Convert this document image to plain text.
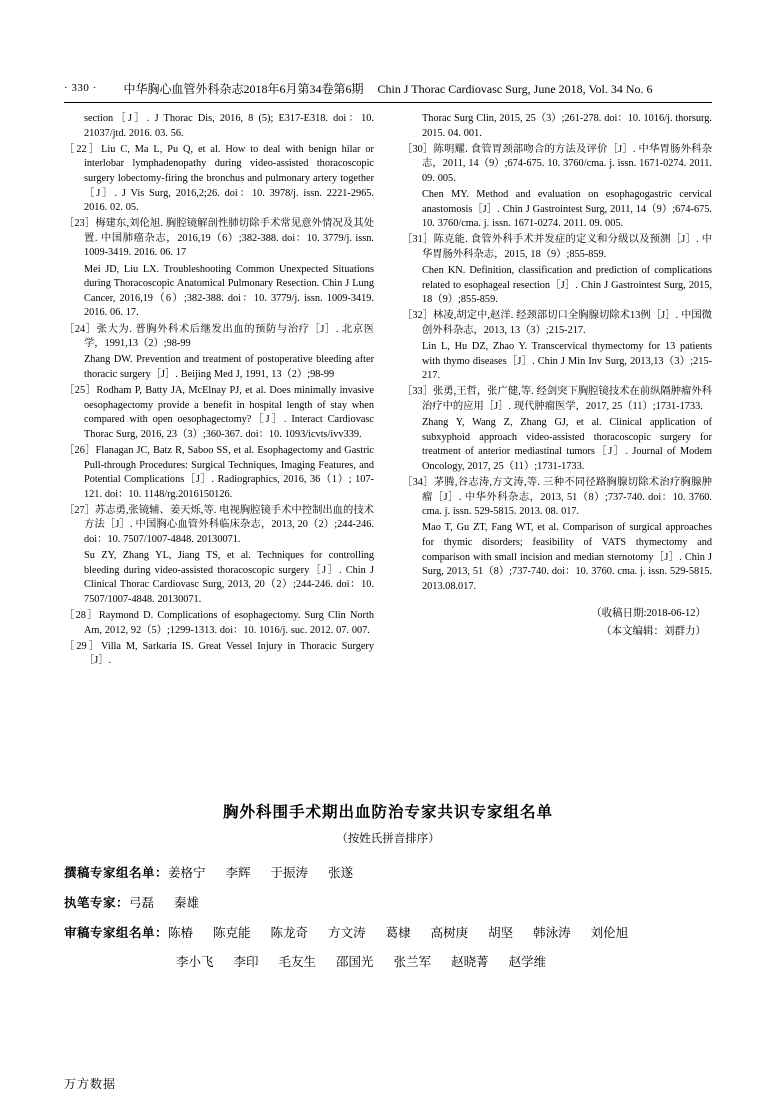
· 330 · 中华胸心血管外科杂志2018年6月第34卷第6期 Chin J Thorac Cardiovasc Surg, June 2018, Vol. 34 No. 6
section［J］. J Thorac Dis, 2016, 8 (5); E317-E318. doi：10. 21037/jtd. 2016. 03. 56.
［22］Liu C, Ma L, Pu Q, et al. How to deal with benign hilar or interlobar lymphadenopathy during video-assisted thoracoscopic surgery lobectomy-firing the bronchus and pulmonary artery together［J］. J Vis Surg, 2016,2;26. doi：10. 3978/j. issn. 2221-2965. 2016. 02. 05.
［23］梅建东,刘伦旭. 胸腔镜解剖性肺切除手术常见意外情况及其处置. 中国肺癌杂志，2016,19（6）;382-388. doi：10. 3779/j. issn. 1009-3419. 2016. 06. 17
Mei JD, Liu LX. Troubleshooting Common Unexpected Situations during Thoracoscopic Anatomical Pulmonary Resection. Chin J Lung Cancer, 2016,19（6）;382-388. doi：10. 3779/j. issn. 1009-3419. 2016. 06. 17.
［24］张大为. 普胸外科术后继发出血的预防与治疗［J］. 北京医学，1991,13（2）;98-99
Zhang DW. Prevention and treatment of postoperative bleeding after thoracic surgery［J］. Beijing Med J, 1991, 13（2）;98-99
［25］Rodham P, Batty JA, McElnay PJ, et al. Does minimally invasive oesophagectomy provide a benefit in hospital length of stay when compared with open oesophagectomy?［J］. Interact Cardiovasc Thorac Surg, 2016, 23（3）;360-367. doi：10. 1093/icvts/ivv339.
［26］Flanagan JC, Batz R, Saboo SS, et al. Esophagectomy and Gastric Pull-through Procedures: Surgical Techniques, Imaging Features, and Potential Complications［J］. Radiographics, 2016, 36（1）; 107-121. doi：10. 1148/rg.2016150126.
［27］苏志勇,张镜辅、姜天烁,等. 电视胸腔镜手术中控制出血的技术方法［J］. 中国胸心血管外科临床杂志，2013, 20（2）;244-246. doi：10. 7507/1007-4848. 20130071.
Su ZY, Zhang YL, Jiang TS, et al. Techniques for controlling bleeding during video-assisted thoracoscopic surgery［J］. Chin J Clinical Thorac Cardiovasc Surg, 2013, 20（2）;244-246. doi：10. 7507/1007-4848. 20130071.
［28］Raymond D. Complications of esophagectomy. Surg Clin North Am, 2012, 92（5）;1299-1313. doi：10. 1016/j. suc. 2012. 07. 007.
［29］Villa M, Sarkaria IS. Great Vessel Injury in Thoracic Surgery［J］.
Thorac Surg Clin, 2015, 25（3）;261-278. doi：10. 1016/j. thorsurg. 2015. 04. 001.
［30］陈明耀. 食管胃颈部吻合的方法及评价［J］. 中华胃肠外科杂志，2011, 14（9）;674-675. 10. 3760/cma. j. issn. 1671-0274. 2011. 09. 005.
Chen MY. Method and evaluation on esophagogastric cervical anastomosis［J］. Chin J Gastrointest Surg, 2011, 14（9）;674-675. 10. 3760/cma. j. issn. 1671-0274. 2011. 09. 005.
［31］陈克能. 食管外科手术并发症的定义和分级以及预测［J］. 中华胃肠外科杂志，2015, 18（9）;855-859.
Chen KN. Definition, classification and prediction of complications related to esophageal resection［J］. Chin J Gastrointest Surg, 2015, 18（9）;855-859.
［32］林凌,胡定中,赵洋. 经颈部切口全胸腺切除术13例［J］. 中国微创外科杂志，2013, 13（3）;215-217.
Lin L, Hu DZ, Zhao Y. Transcervical thymectomy for 13 patients with thymo diseases［J］. Chin J Min Inv Surg, 2013,13（3）;215-217.
［33］张勇,王哲，张广健,等. 经剑突下胸腔镜技术在前纵隔肿瘤外科治疗中的应用［J］. 现代肿瘤医学，2017, 25（11）;1731-1733.
Zhang Y, Wang Z, Zhang GJ, et al. Clinical application of subxyphoid approach video-assisted thoracoscopic surgery for treatment of anterior mediastinal tumors［J］. Journal of Modem Oncology, 2017, 25（11）;1731-1733.
［34］茅腾,谷志涛,方文涛,等. 三种不同径路胸腺切除术治疗胸腺肿瘤［J］. 中华外科杂志，2013, 51（8）;737-740. doi：10. 3760. cma. j. issn. 529-5815. 2013. 08. 017.
Mao T, Gu ZT, Fang WT, et al. Comparison of surgical approaches for thymic disorders; feasibility of VATS thymectomy and comparison with small incision and median sternotomy［J］. Chin J Surg, 2013, 51（8）;737-740. doi：10. 3760. cma. j. issn. 529-5815. 2013.08.017.
（收稿日期:2018-06-12）
（本文编辑：刘群力）
胸外科围手术期出血防治专家共识专家组名单
（按姓氏拼音排序）
撰稿专家组名单： 姜格宁 李辉 于振涛 张遂
执笔专家： 弓磊 秦雄
审稿专家组名单： 陈椿 陈克能 陈龙奇 方文涛 葛棣 高树庚 胡坚 韩泳涛 刘伦旭
李小飞 李印 毛友生 邵国光 张兰军 赵晓菁 赵学维
万方数据
